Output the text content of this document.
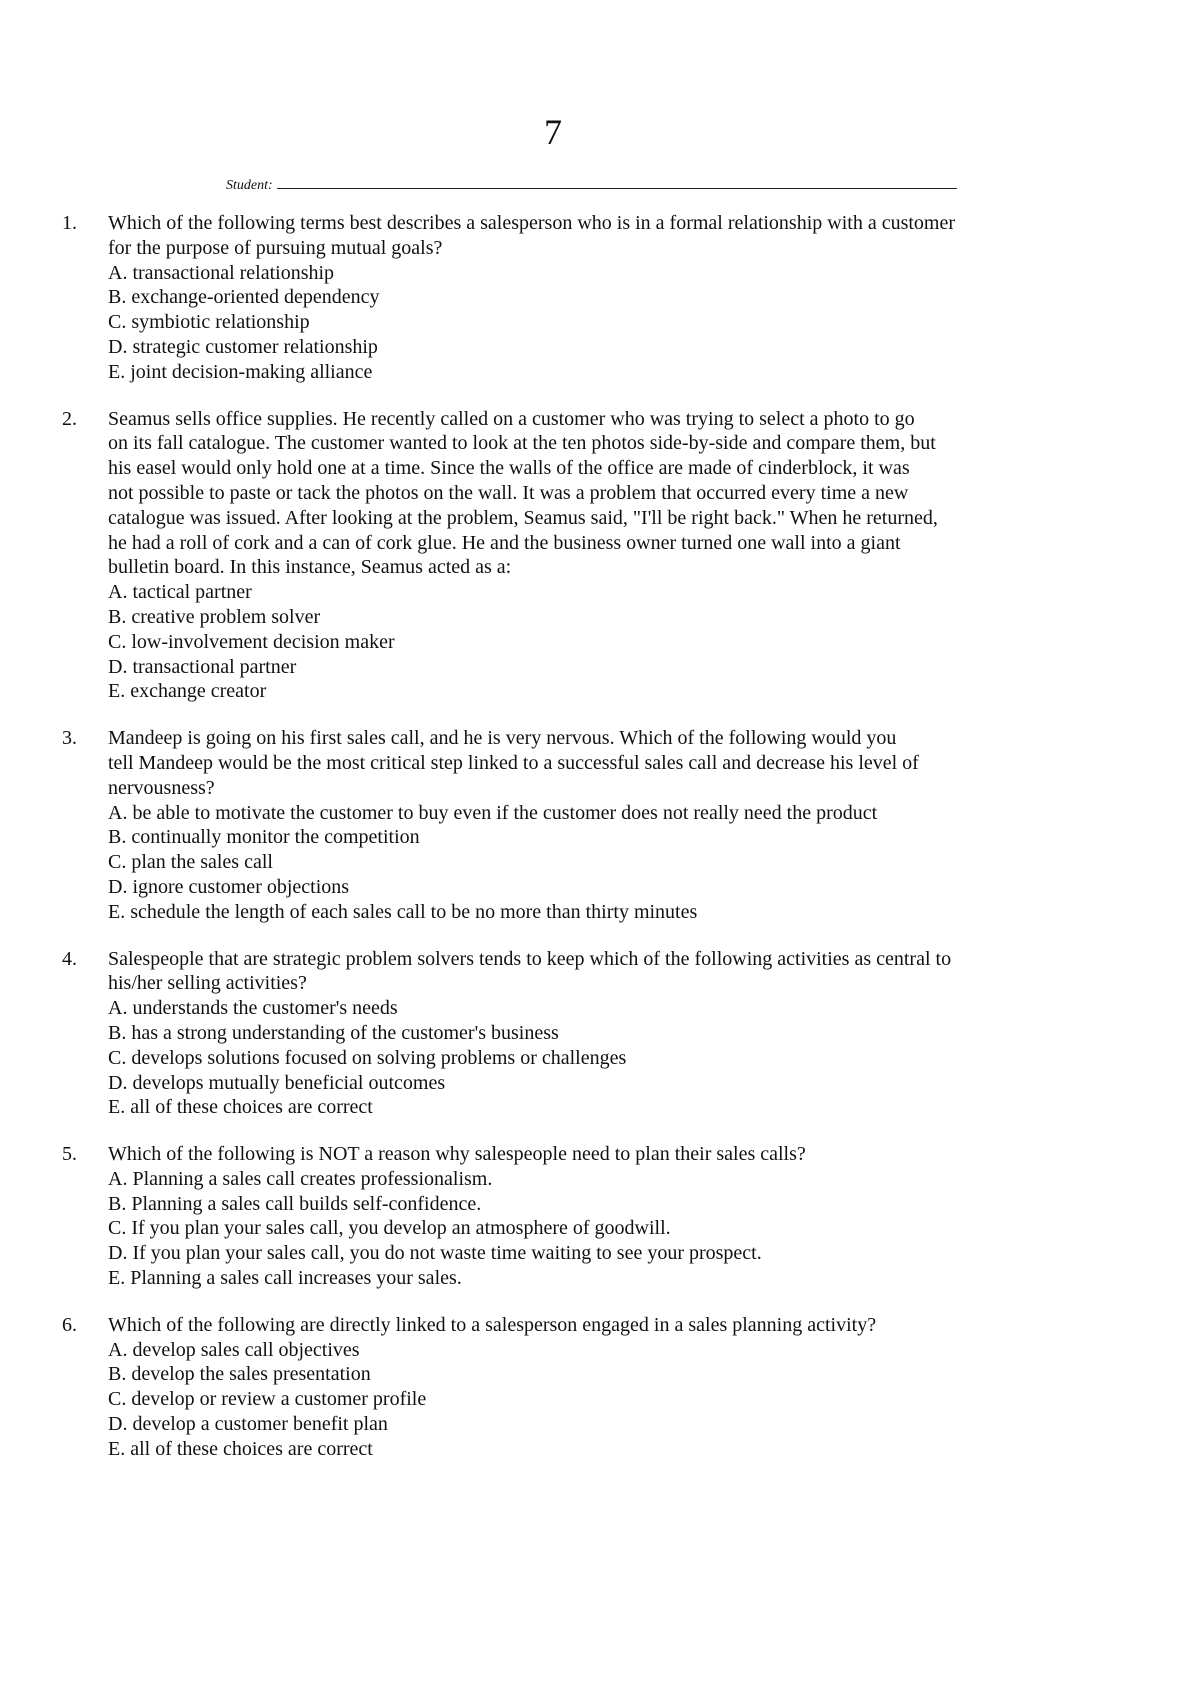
7
Student:
1. Which of the following terms best describes a salesperson who is in a formal relationship with a customer
for the purpose of pursuing mutual goals?
A. transactional relationship
B. exchange-oriented dependency
C. symbiotic relationship
D. strategic customer relationship
E. joint decision-making alliance
2. Seamus sells office supplies. He recently called on a customer who was trying to select a photo to go
on its fall catalogue. The customer wanted to look at the ten photos side-by-side and compare them, but
his easel would only hold one at a time. Since the walls of the office are made of cinderblock, it was
not possible to paste or tack the photos on the wall. It was a problem that occurred every time a new
catalogue was issued. After looking at the problem, Seamus said, "I'll be right back." When he returned,
he had a roll of cork and a can of cork glue. He and the business owner turned one wall into a giant
bulletin board. In this instance, Seamus acted as a:
A. tactical partner
B. creative problem solver
C. low-involvement decision maker
D. transactional partner
E. exchange creator
3. Mandeep is going on his first sales call, and he is very nervous. Which of the following would you
tell Mandeep would be the most critical step linked to a successful sales call and decrease his level of
nervousness?
A. be able to motivate the customer to buy even if the customer does not really need the product
B. continually monitor the competition
C. plan the sales call
D. ignore customer objections
E. schedule the length of each sales call to be no more than thirty minutes
4. Salespeople that are strategic problem solvers tends to keep which of the following activities as central to
his/her selling activities?
A. understands the customer's needs
B. has a strong understanding of the customer's business
C. develops solutions focused on solving problems or challenges
D. develops mutually beneficial outcomes
E. all of these choices are correct
5. Which of the following is NOT a reason why salespeople need to plan their sales calls?
A. Planning a sales call creates professionalism.
B. Planning a sales call builds self-confidence.
C. If you plan your sales call, you develop an atmosphere of goodwill.
D. If you plan your sales call, you do not waste time waiting to see your prospect.
E. Planning a sales call increases your sales.
6. Which of the following are directly linked to a salesperson engaged in a sales planning activity?
A. develop sales call objectives
B. develop the sales presentation
C. develop or review a customer profile
D. develop a customer benefit plan
E. all of these choices are correct
